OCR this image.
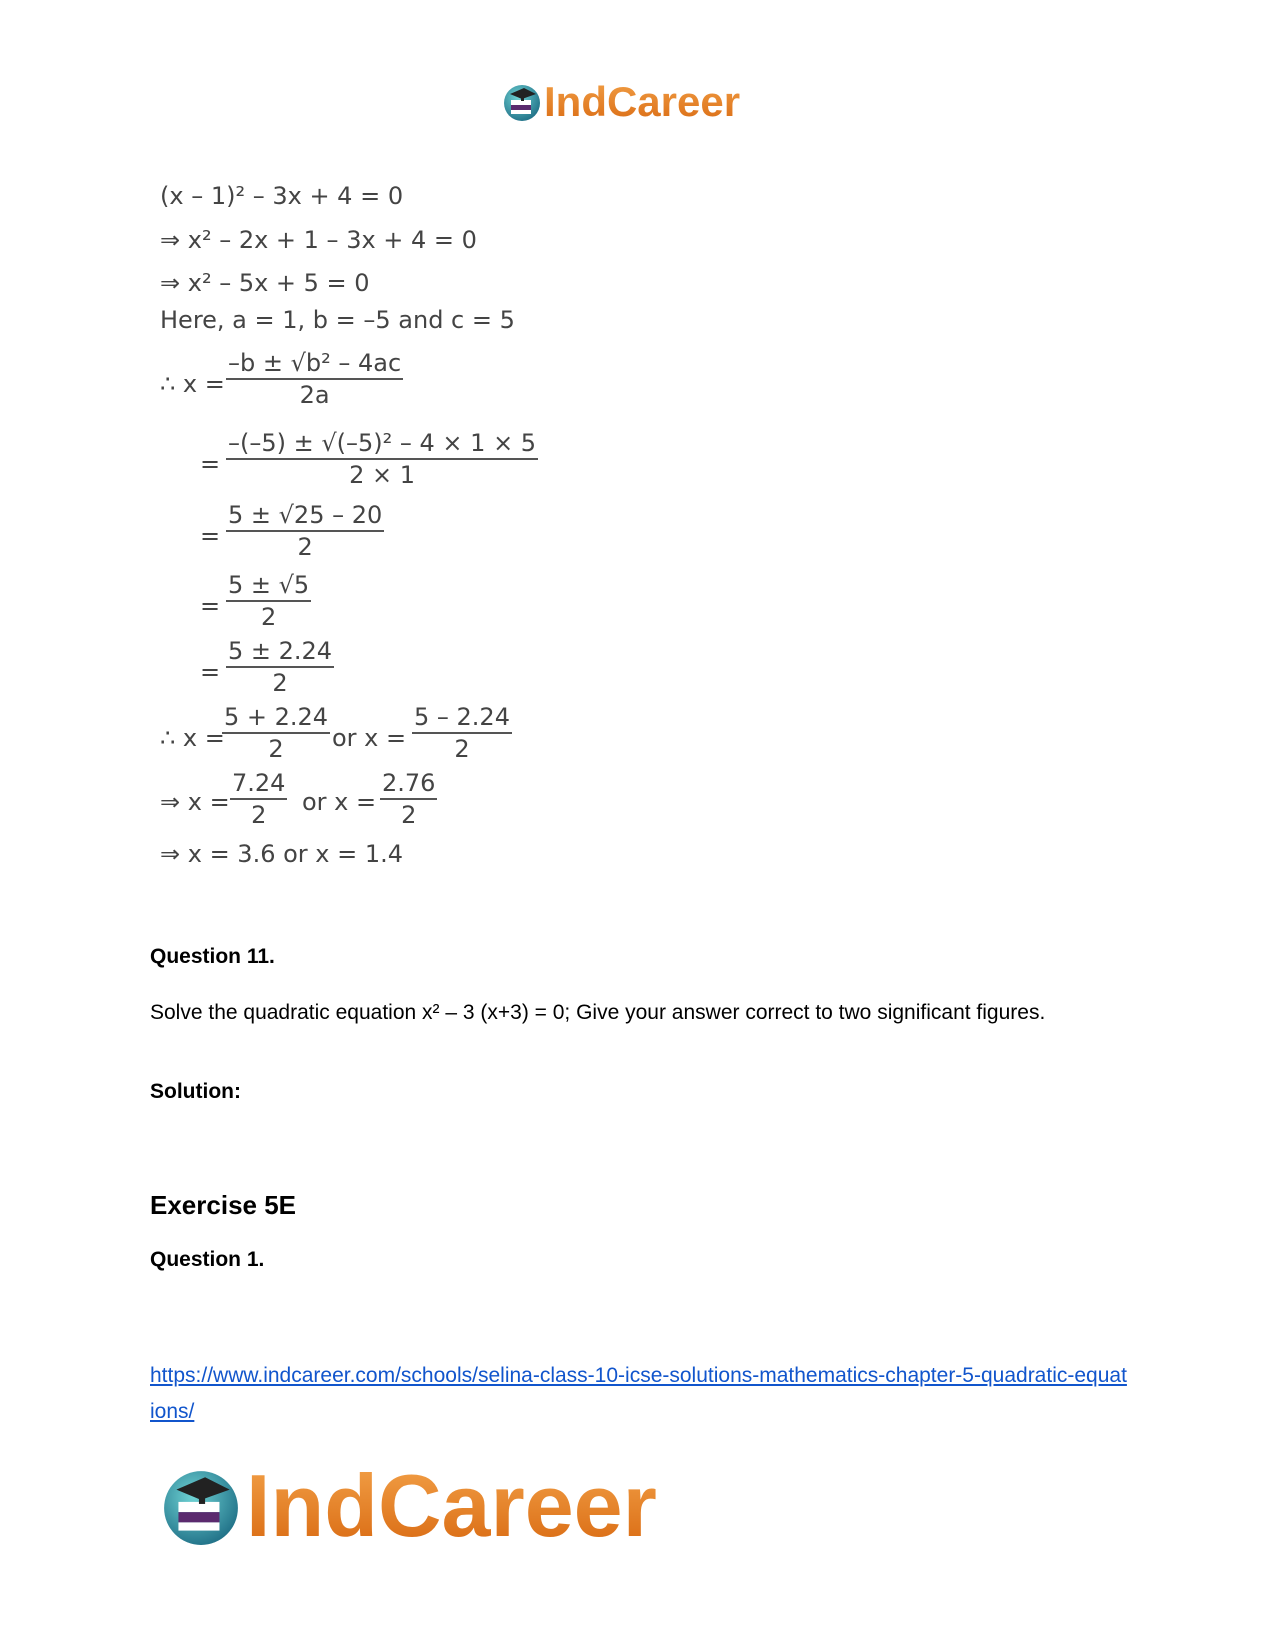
IndCareer
(x – 1)² – 3x + 4 = 0
⇒ x² – 2x + 1 – 3x + 4 = 0
⇒ x² – 5x + 5 = 0
Here, a = 1, b = –5 and c = 5
∴ $x = \frac{\text{–b ± √b² – 4ac}}{2a}$
= $\frac{\text{–(–5) ± √(–5)² – 4 × 1 × 5}}{2 \times 1}$
= $\frac{5 \pm √25 - 20}{2}$
= $\frac{5 \pm √5}{2}$
= $\frac{5 \pm 2.24}{2}$
∴ x =
$\frac{5 + 2.24}{2}$ or $x = \frac{5 - 2.24}{2}$
⇒ $x = \frac{7.24}{2}$ or $x = \frac{2.76}{2}$
⇒ x = 3.6 or x = 1.4
Question 11.
Solve the quadratic equation x² – 3 (x+3) = 0; Give your answer correct to two significant figures.
Solution:
Exercise 5E
Question 1.
https://www.indcareer.com/schools/selina-class-10-icse-solutions-mathematics-chapter-5-quadratic-equations/
IndCareer
